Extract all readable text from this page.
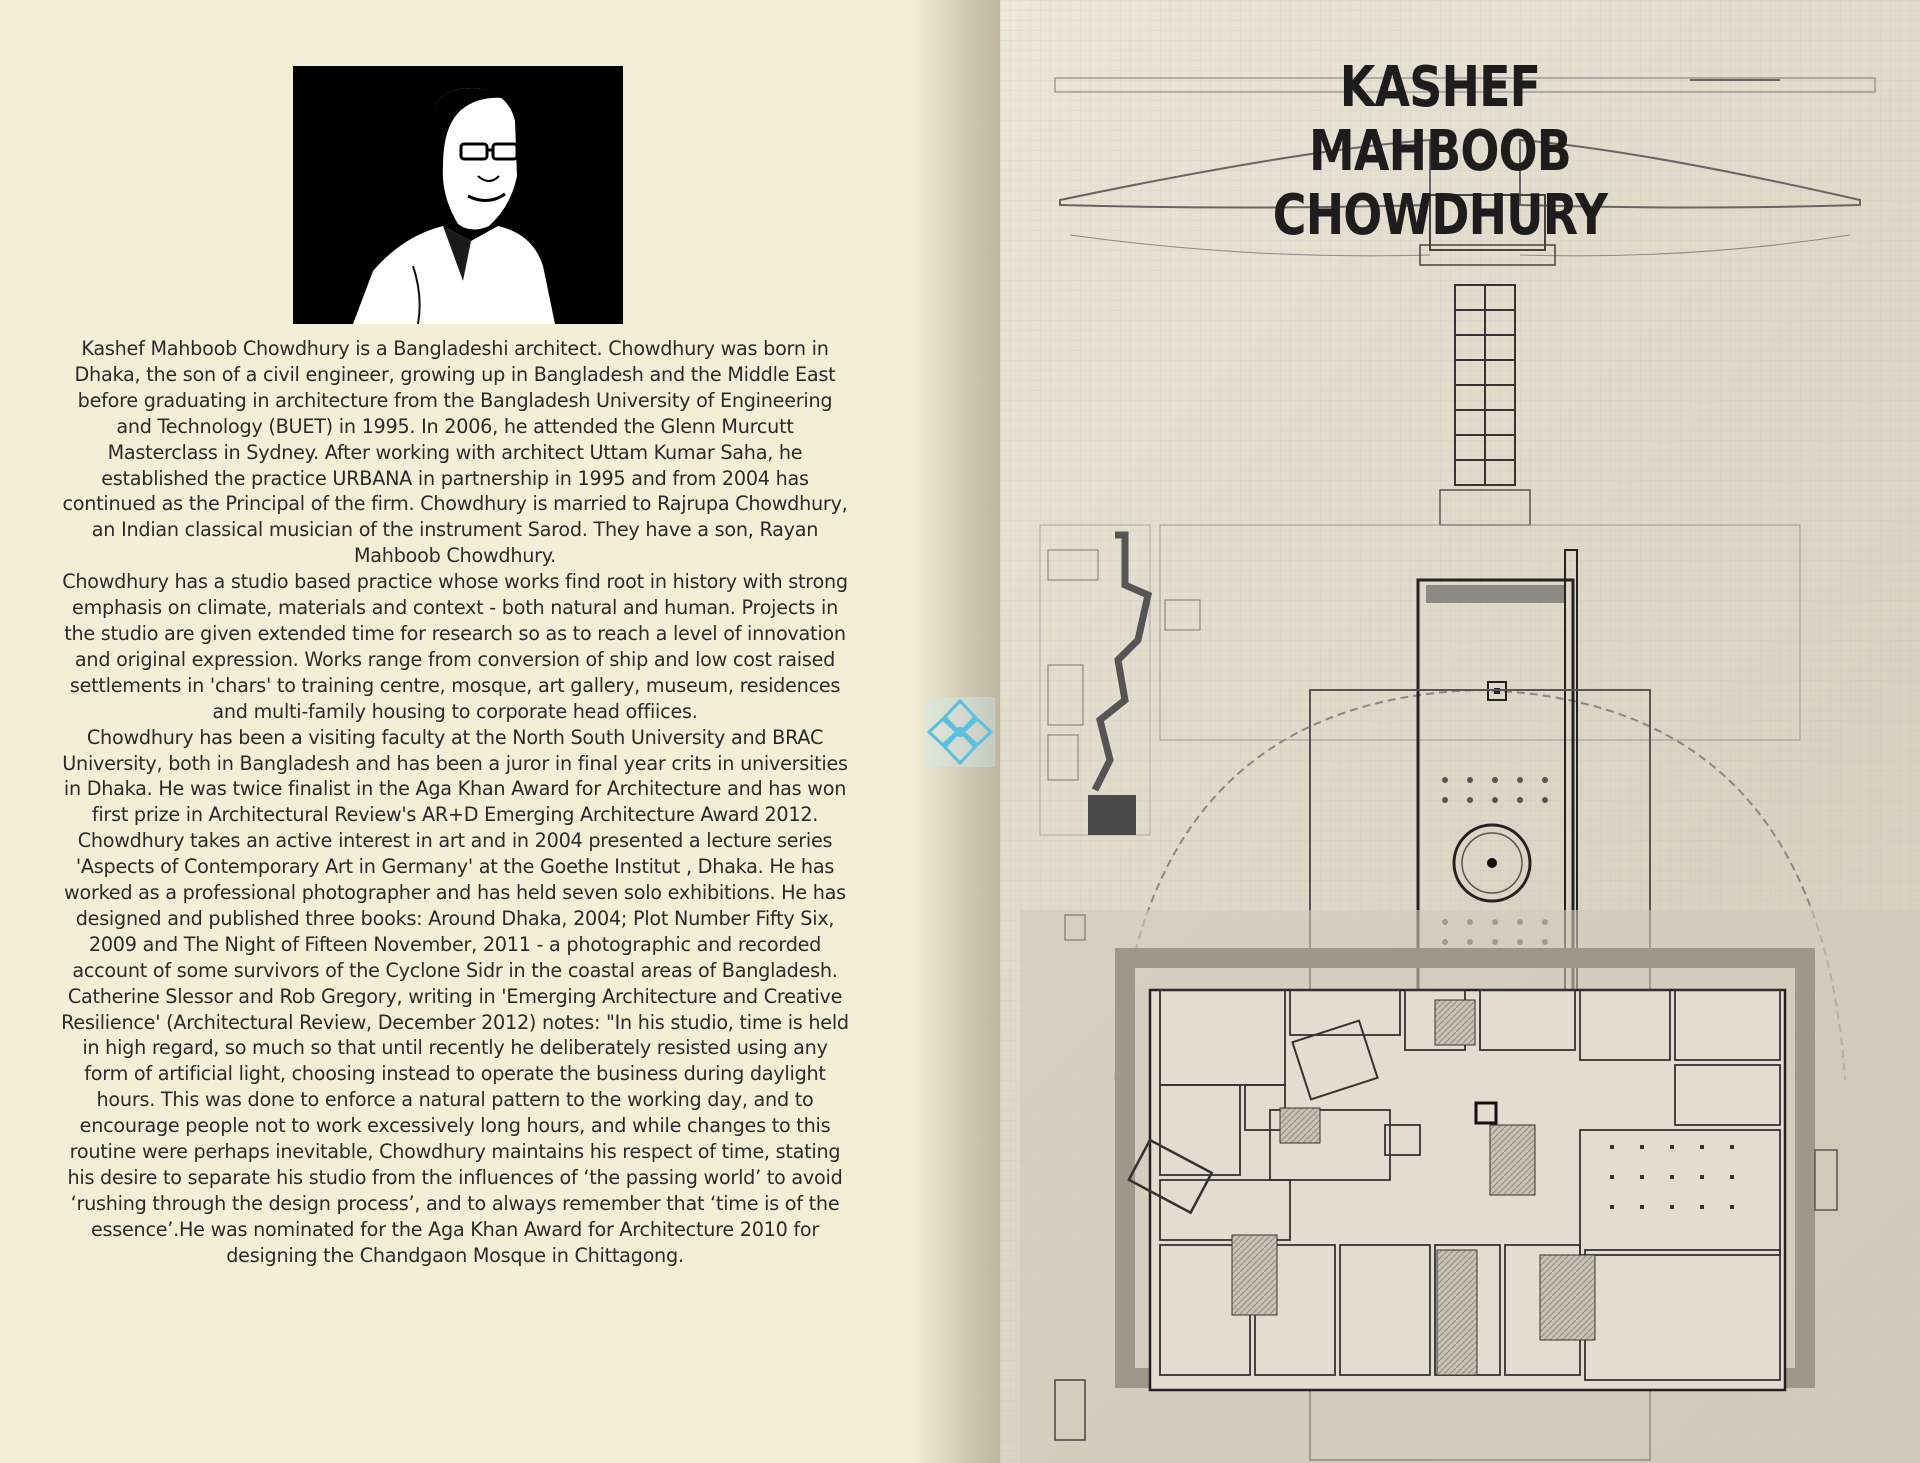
Kashef Mahboob Chowdhury is a Bangladeshi architect. Chowdhury was born in Dhaka, the son of a civil engineer, growing up in Bangladesh and the Middle East before graduating in architecture from the Bangladesh University of Engineering and Technology (BUET) in 1995. In 2006, he attended the Glenn Murcutt Masterclass in Sydney. After working with architect Uttam Kumar Saha, he established the practice URBANA in partnership in 1995 and from 2004 has continued as the Principal of the firm. Chowdhury is married to Rajrupa Chowdhury, an Indian classical musician of the instrument Sarod. They have a son, Rayan Mahboob Chowdhury.

Chowdhury has a studio based practice whose works find root in history with strong emphasis on climate, materials and context - both natural and human. Projects in the studio are given extended time for research so as to reach a level of innovation and original expression. Works range from conversion of ship and low cost raised settlements in 'chars' to training centre, mosque, art gallery, museum, residences and multi-family housing to corporate head offiices.

Chowdhury has been a visiting faculty at the North South University and BRAC University, both in Bangladesh and has been a juror in final year crits in universities in Dhaka. He was twice finalist in the Aga Khan Award for Architecture and has won first prize in Architectural Review's AR+D Emerging Architecture Award 2012.

Chowdhury takes an active interest in art and in 2004 presented a lecture series 'Aspects of Contemporary Art in Germany' at the Goethe Institut , Dhaka. He has worked as a professional photographer and has held seven solo exhibitions. He has designed and published three books: Around Dhaka, 2004; Plot Number Fifty Six, 2009 and The Night of Fifteen November, 2011 - a photographic and recorded account of some survivors of the Cyclone Sidr in the coastal areas of Bangladesh.

Catherine Slessor and Rob Gregory, writing in 'Emerging Architecture and Creative Resilience' (Architectural Review, December 2012) notes: "In his studio, time is held in high regard, so much so that until recently he deliberately resisted using any form of artificial light, choosing instead to operate the business during daylight hours. This was done to enforce a natural pattern to the working day, and to encourage people not to work excessively long hours, and while changes to this routine were perhaps inevitable, Chowdhury maintains his respect of time, stating his desire to separate his studio from the influences of ‘the passing world’ to avoid ‘rushing through the design process’, and to always remember that ‘time is of the essence’.He was nominated for the Aga Khan Award for Architecture 2010 for designing the Chandgaon Mosque in Chittagong.

KASHEF MAHBOOB
CHOWDHURY
